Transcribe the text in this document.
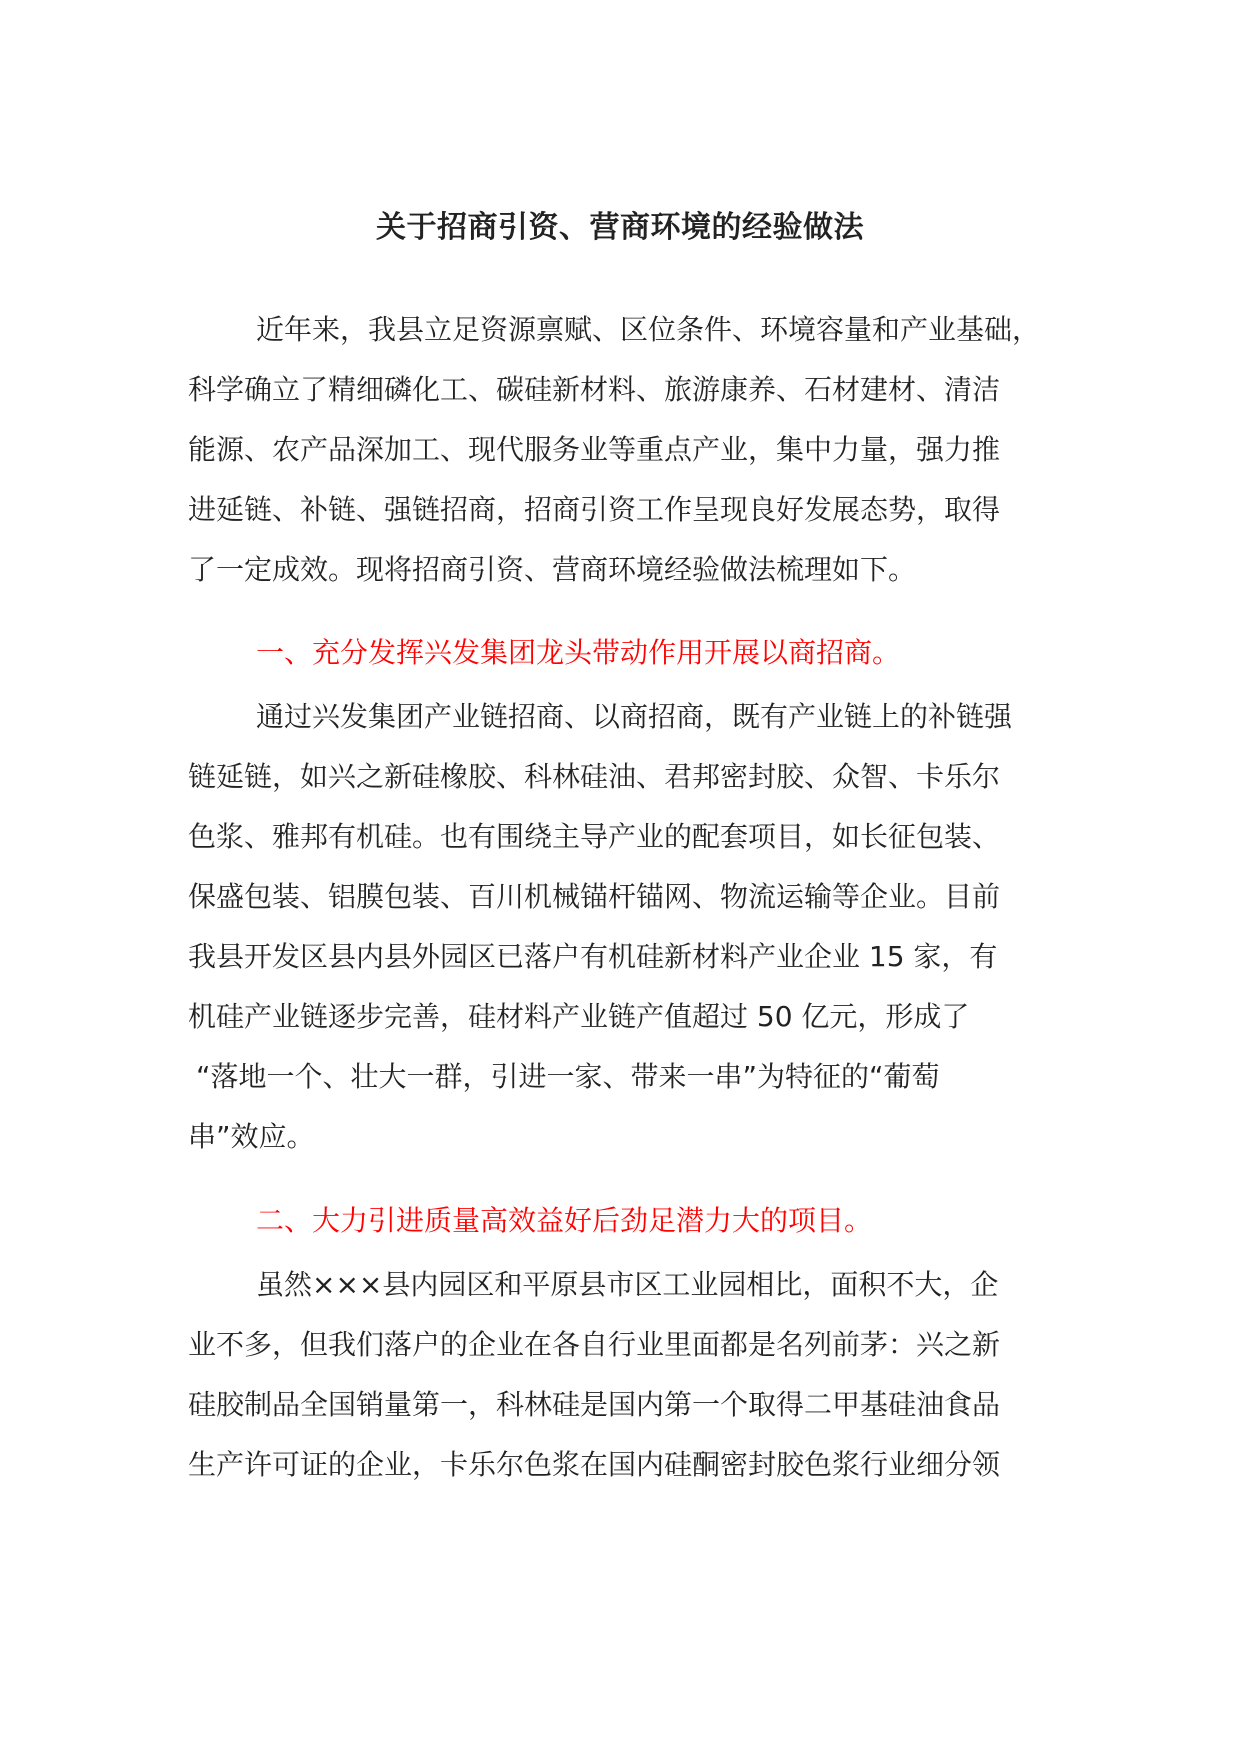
关于招商引资、营商环境的经验做法
近年来，我县立足资源禀赋、区位条件、环境容量和产业基础，
科学确立了精细磷化工、碳硅新材料、旅游康养、石材建材、清洁
能源、农产品深加工、现代服务业等重点产业，集中力量，强力推
进延链、补链、强链招商，招商引资工作呈现良好发展态势，取得
了一定成效。现将招商引资、营商环境经验做法梳理如下。
一、充分发挥兴发集团龙头带动作用开展以商招商。
通过兴发集团产业链招商、以商招商，既有产业链上的补链强
链延链，如兴之新硅橡胶、科林硅油、君邦密封胶、众智、卡乐尔
色浆、雅邦有机硅。也有围绕主导产业的配套项目，如长征包装、
保盛包装、铝膜包装、百川机械锚杆锚网、物流运输等企业。目前
我县开发区县内县外园区已落户有机硅新材料产业企业 15 家，有
机硅产业链逐步完善，硅材料产业链产值超过 50 亿元，形成了
“落地一个、壮大一群，引进一家、带来一串”为特征的“葡萄
串”效应。
二、大力引进质量高效益好后劲足潜力大的项目。
虽然×××县内园区和平原县市区工业园相比，面积不大，企
业不多，但我们落户的企业在各自行业里面都是名列前茅：兴之新
硅胶制品全国销量第一，科林硅是国内第一个取得二甲基硅油食品
生产许可证的企业，卡乐尔色浆在国内硅酮密封胶色浆行业细分领
